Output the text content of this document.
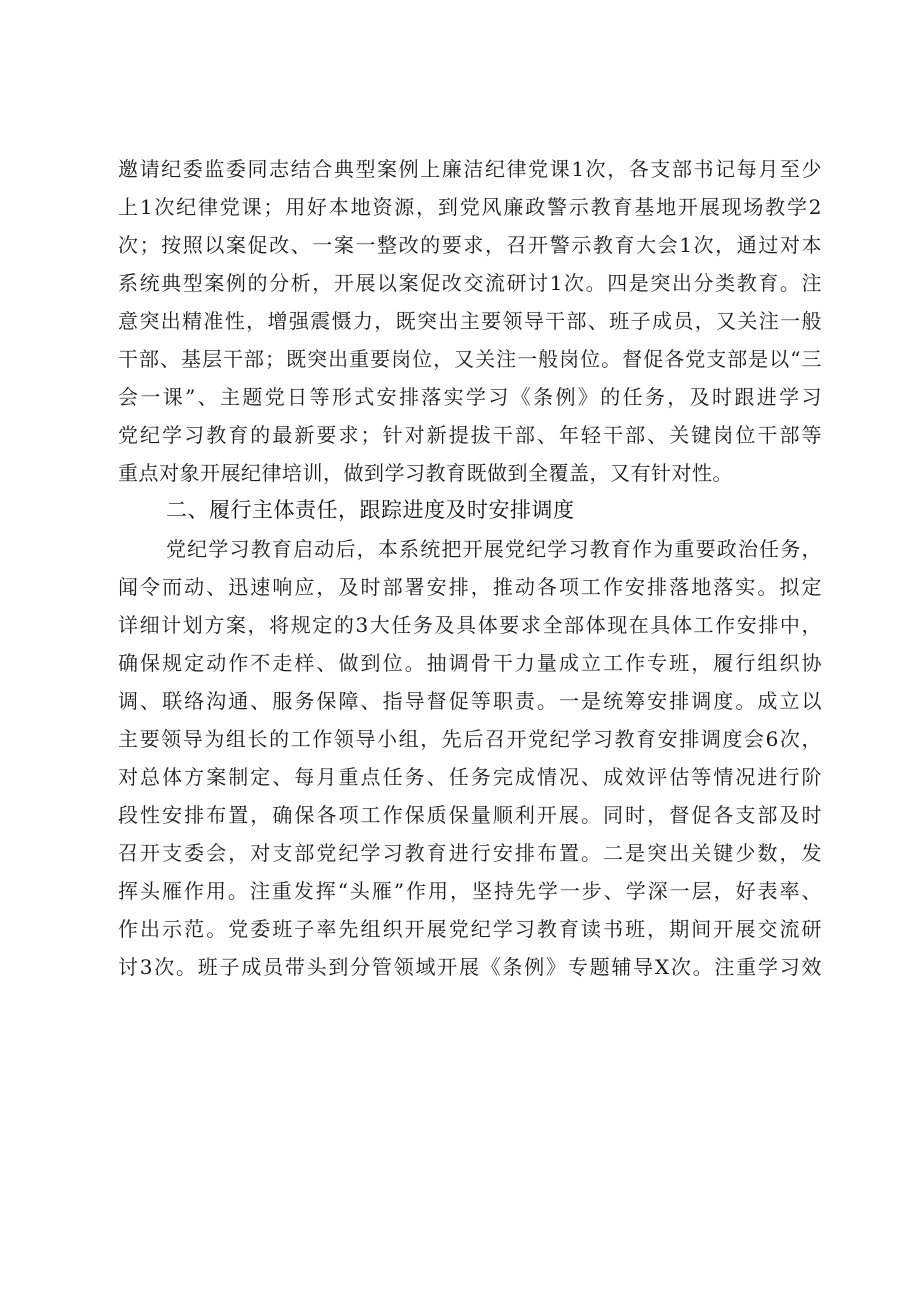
邀请纪委监委同志结合典型案例上廉洁纪律党课1次，各支部书记每月至少
上1次纪律党课；用好本地资源，到党风廉政警示教育基地开展现场教学2
次；按照以案促改、一案一整改的要求，召开警示教育大会1次，通过对本
系统典型案例的分析，开展以案促改交流研讨1次。四是突出分类教育。注
意突出精准性，增强震慑力，既突出主要领导干部、班子成员，又关注一般
干部、基层干部；既突出重要岗位，又关注一般岗位。督促各党支部是以“三
会一课”、主题党日等形式安排落实学习《条例》的任务，及时跟进学习
党纪学习教育的最新要求；针对新提拔干部、年轻干部、关键岗位干部等
重点对象开展纪律培训，做到学习教育既做到全覆盖，又有针对性。
二、履行主体责任，跟踪进度及时安排调度
党纪学习教育启动后，本系统把开展党纪学习教育作为重要政治任务，
闻令而动、迅速响应，及时部署安排，推动各项工作安排落地落实。拟定
详细计划方案，将规定的3大任务及具体要求全部体现在具体工作安排中，
确保规定动作不走样、做到位。抽调骨干力量成立工作专班，履行组织协
调、联络沟通、服务保障、指导督促等职责。一是统筹安排调度。成立以
主要领导为组长的工作领导小组，先后召开党纪学习教育安排调度会6次，
对总体方案制定、每月重点任务、任务完成情况、成效评估等情况进行阶
段性安排布置，确保各项工作保质保量顺利开展。同时，督促各支部及时
召开支委会，对支部党纪学习教育进行安排布置。二是突出关键少数，发
挥头雁作用。注重发挥“头雁”作用，坚持先学一步、学深一层，好表率、
作出示范。党委班子率先组织开展党纪学习教育读书班，期间开展交流研
讨3次。班子成员带头到分管领域开展《条例》专题辅导X次。注重学习效
